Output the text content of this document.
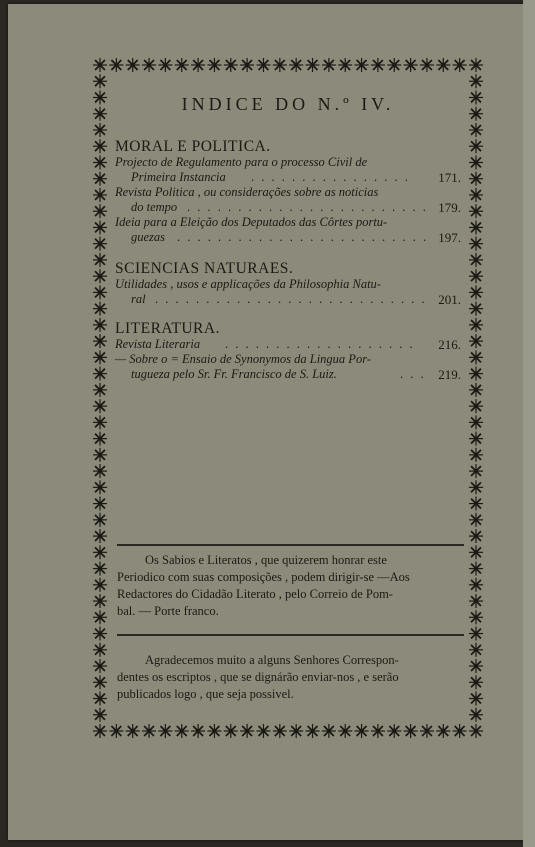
INDICE DO N.º IV.
MORAL E POLITICA.
Projecto de Regulamento para o processo Civil de
Primeira Instancia	. . . . . . . . . . . . . . . . 171.
Revista Politica , ou considerações sobre as noticias
do tempo . . . . . . . . . . . . . . . . . . . . . . . . 179.
Ideia para a Eleição dos Deputados das Côrtes portu-
guezas . . . . . . . . . . . . . . . . . . . . . . . . . 197.
SCIENCIAS NATURAES.
Utilidades , usos e applicações da Philosophia Natu-
ral . . . . . . . . . . . . . . . . . . . . . . . . . . . 201.
LITERATURA.
Revista Literaria	. . . . . . . . . . . . . . . . . . . 216.
— Sobre o = Ensaio de Synonymos da Lingua Por-
tugueza pelo Sr. Fr. Francisco de S. Luiz.	. . . 219.
Os Sabios e Literatos , que quizerem honrar este
Periodico com suas composições , podem dirigir-se —Aos
Redactores do Cidadão Literato , pelo Correio de Pom-
bal. — Porte franco.
Agradecemos muito a alguns Senhores Correspon-
dentes os escriptos , que se dignárão enviar-nos , e serão
publicados logo , que seja possivel.
